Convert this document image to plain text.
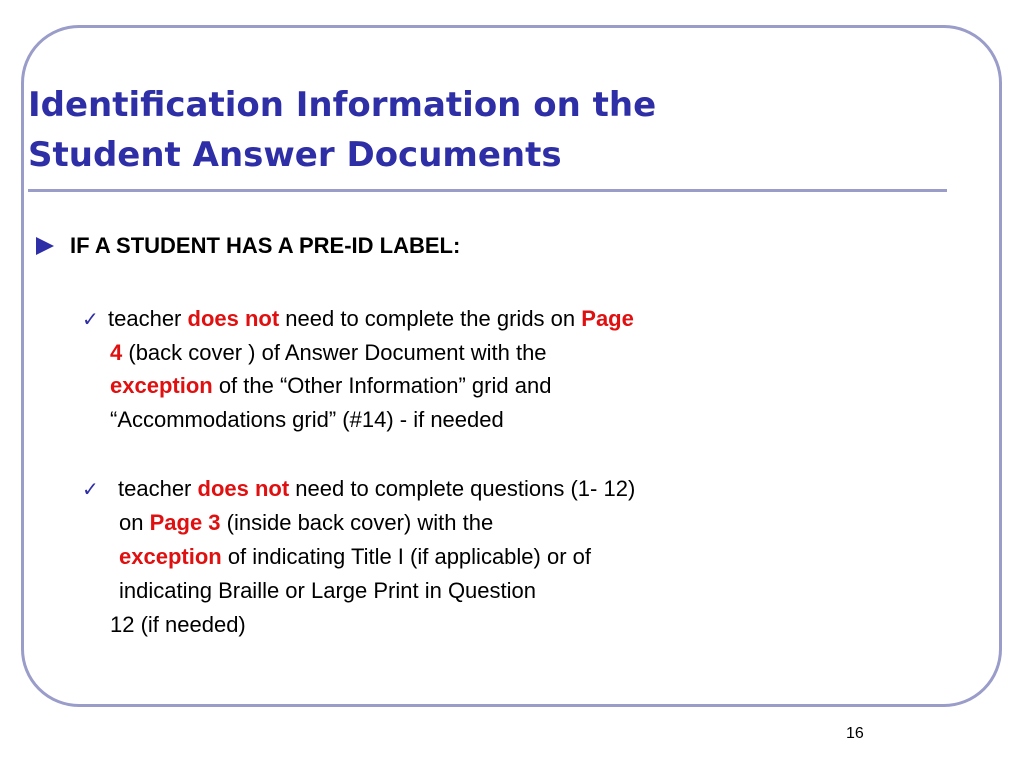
Identification Information on the
Student Answer Documents
IF A STUDENT HAS A PRE-ID LABEL:
✓ teacher does not need to complete the grids on Page
4 (back cover ) of Answer Document with the
exception of the “Other Information” grid and
“Accommodations grid” (#14) - if needed
✓ teacher does not need to complete questions (1- 12)
on Page 3 (inside back cover) with the
exception of indicating Title I (if applicable) or of
indicating Braille or Large Print in Question
12 (if needed)
16
